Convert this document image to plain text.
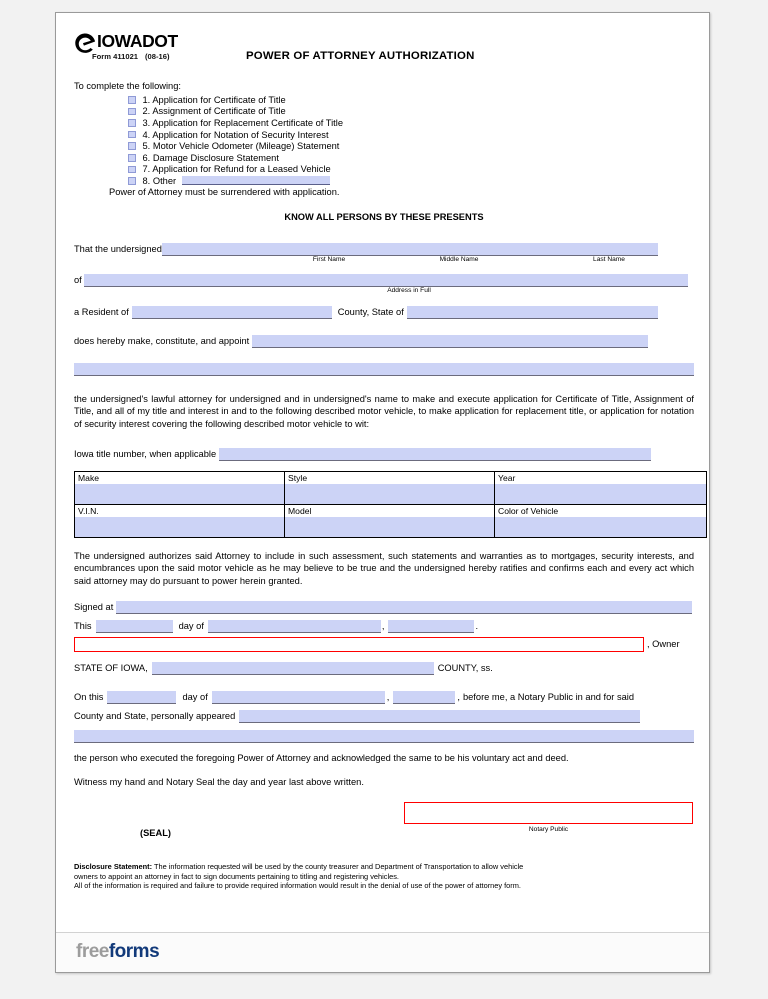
IOWADOT
Form 411021 (08-16)	POWER OF ATTORNEY AUTHORIZATION
To complete the following:
1. Application for Certificate of Title
2. Assignment of Certificate of Title
3. Application for Replacement Certificate of Title
4. Application for Notation of Security Interest
5. Motor Vehicle Odometer (Mileage) Statement
6. Damage Disclosure Statement
7. Application for Refund for a Leased Vehicle
8. Other
Power of Attorney must be surrendered with application.
KNOW ALL PERSONS BY THESE PRESENTS
That the undersigned
First Name	Middle Name	Last Name
of
Address in Full
a Resident of	County, State of
does hereby make, constitute, and appoint
the undersigned's lawful attorney for undersigned and in undersigned's name to make and execute application for Certificate of Title, Assignment of Title, and all of my title and interest in and to the following described motor vehicle, to make application for replacement title, or application for notation of security interest covering the following described motor vehicle to wit:
Iowa title number, when applicable
Make	Style	Year

V.I.N.	Model	Color of Vehicle
The undersigned authorizes said Attorney to include in such assessment, such statements and warranties as to mortgages, security interests, and encumbrances upon the said motor vehicle as he may believe to be true and the undersigned hereby ratifies and confirms each and every act which said attorney may do pursuant to power herein granted.
Signed at
This	day of	,	.
, Owner
STATE OF IOWA,	COUNTY, ss.
On this	day of	,	, before me, a Notary Public in and for said
County and State, personally appeared
the person who executed the foregoing Power of Attorney and acknowledged the same to be his voluntary act and deed.
Witness my hand and Notary Seal the day and year last above written.
(SEAL)	Notary Public
Disclosure Statement: The information requested will be used by the county treasurer and Department of Transportation to allow vehicle
owners to appoint an attorney in fact to sign documents pertaining to titling and registering vehicles.
All of the information is required and failure to provide required information would result in the denial of use of the power of attorney form.
freeforms
